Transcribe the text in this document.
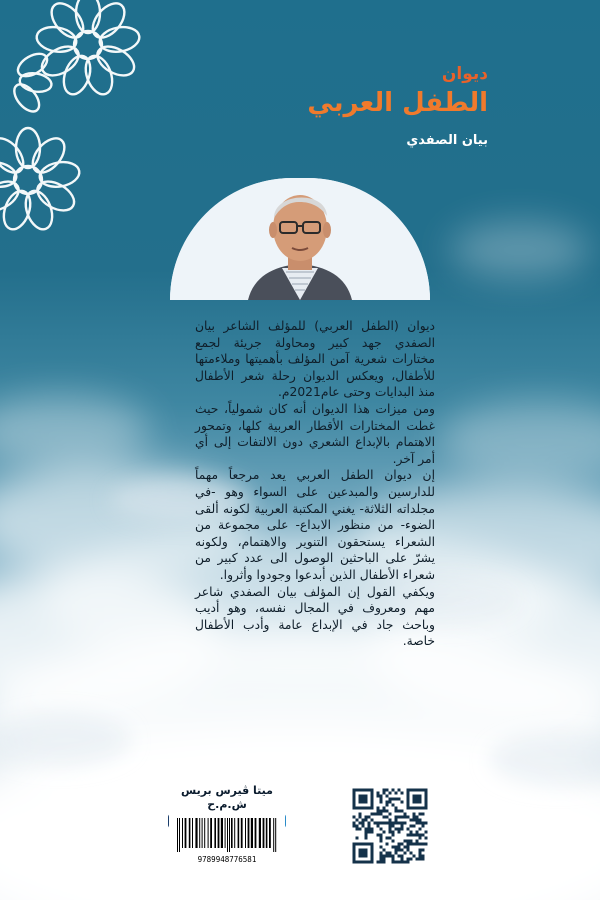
ديوان
الطفل العربي
بيان الصفدي

ديوان (الطفل العربي) للمؤلف الشاعر بيان الصفدي جهد كبير ومحاولة جريئة لجمع مختارات شعرية آمن المؤلف بأهميتها وملاءمتها للأطفال، ويعكس الديوان رحلة شعر الأطفال منذ البدايات وحتى عام2021م.

ومن ميزات هذا الديوان أنه كان شمولياً، حيث غطت المختارات الأقطار العربية كلها، وتمحور الاهتمام بالإبداع الشعري دون الالتفات إلى أي أمر آخر.

إن ديوان الطفل العربي يعد مرجعاً مهماً للدارسين والمبدعين على السواء وهو -في مجلداته الثلاثة- يغني المكتبة العربية لكونه ألقى الضوء- من منظور الابداع- على مجموعة من الشعراء يستحقون التنوير والاهتمام، ولكونه يشرّ على الباحثين الوصول الى عدد كبير من شعراء الأطفال الذين أبدعوا وجودوا وأثروا.

ويكفي القول إن المؤلف بيان الصفدي شاعر مهم ومعروف في المجال نفسه، وهو أديب وباحث جاد في الإبداع عامة وأدب الأطفال خاصة.

ميتا ڤيرس بريس ش.م.ح
9789948776581
